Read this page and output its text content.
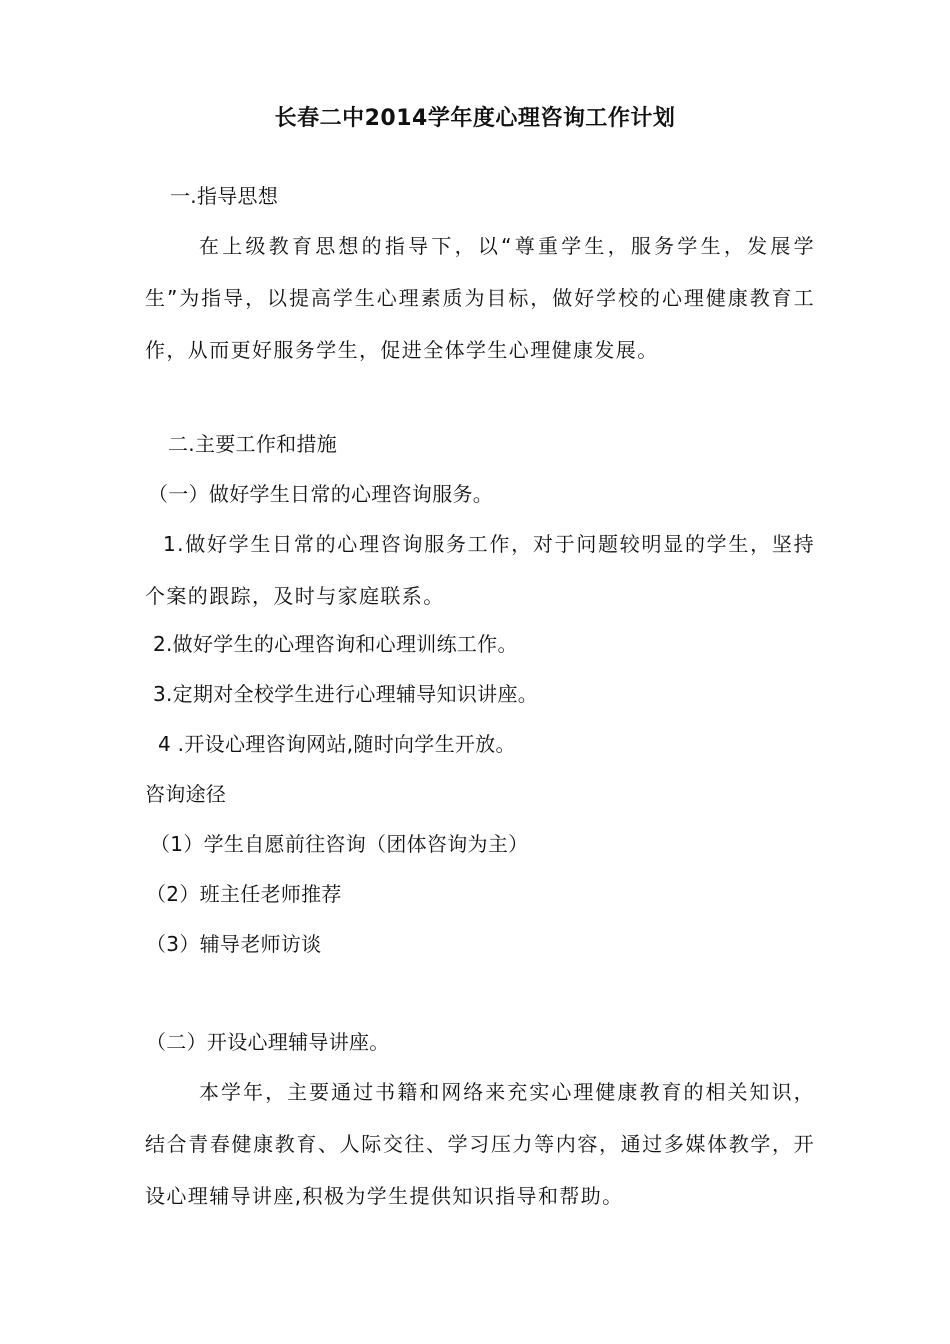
长春二中2014学年度心理咨询工作计划
一.指导思想
在上级教育思想的指导下，以“尊重学生，服务学生，发展学生”为指导，以提高学生心理素质为目标，做好学校的心理健康教育工作，从而更好服务学生，促进全体学生心理健康发展。
二.主要工作和措施
（一）做好学生日常的心理咨询服务。
1.做好学生日常的心理咨询服务工作，对于问题较明显的学生，坚持个案的跟踪，及时与家庭联系。
2.做好学生的心理咨询和心理训练工作。
3.定期对全校学生进行心理辅导知识讲座。
4 .开设心理咨询网站,随时向学生开放。
咨询途径
（1）学生自愿前往咨询（团体咨询为主）
（2）班主任老师推荐
（3）辅导老师访谈
（二）开设心理辅导讲座。
本学年，主要通过书籍和网络来充实心理健康教育的相关知识，结合青春健康教育、人际交往、学习压力等内容，通过多媒体教学，开设心理辅导讲座,积极为学生提供知识指导和帮助。
